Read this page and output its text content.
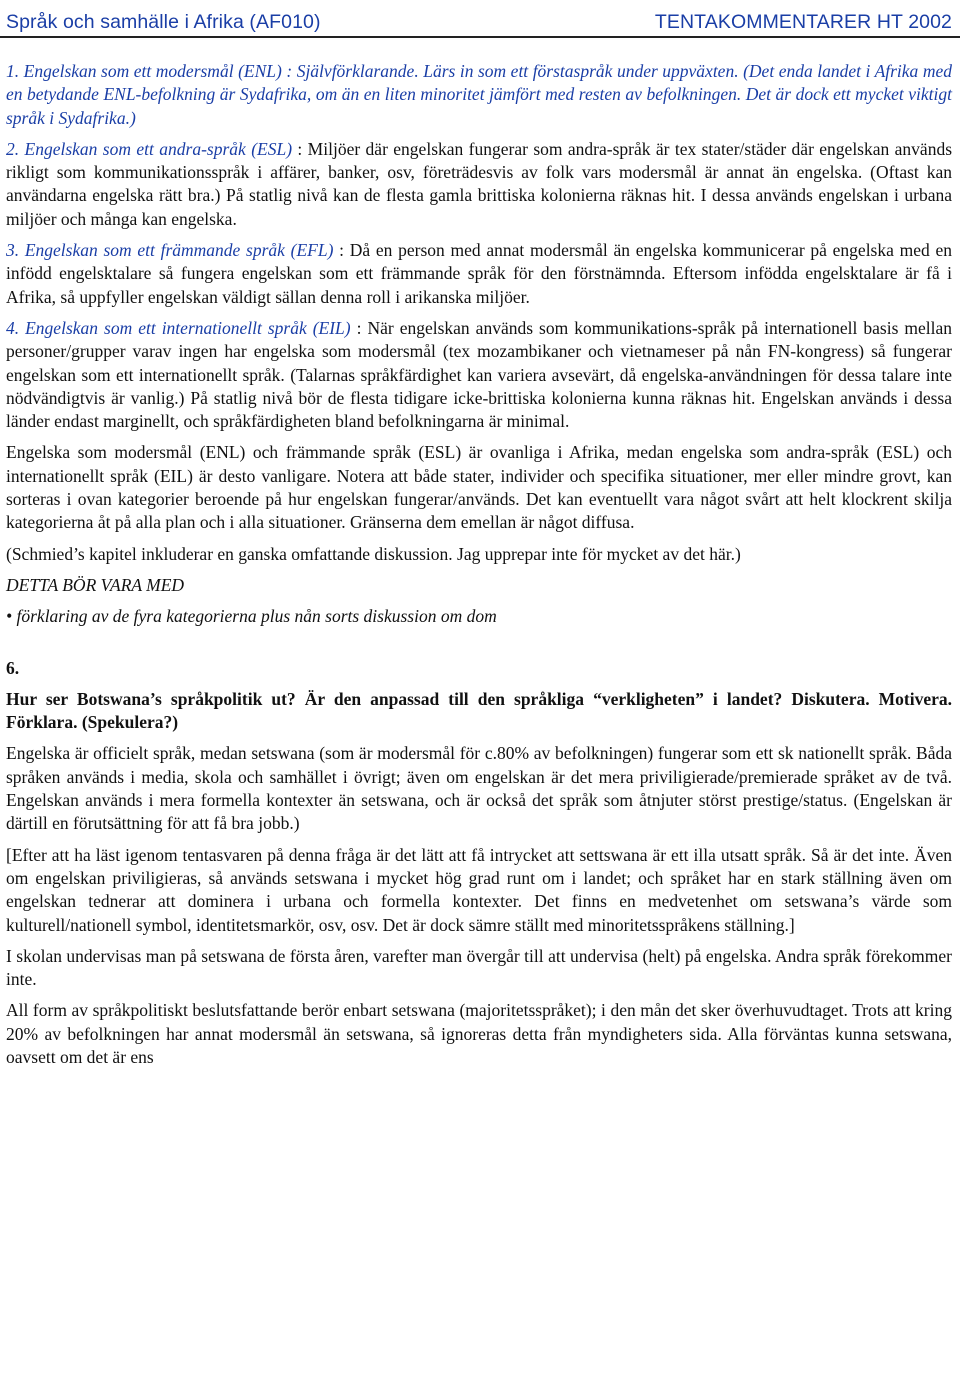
Språk och samhälle i Afrika (AF010)	TENTAKOMMENTARER HT 2002

1. Engelskan som ett modersmål (ENL) : Självförklarande. Lärs in som ett förstaspråk under uppväxten. (Det enda landet i Afrika med en betydande ENL-befolkning är Sydafrika, om än en liten minoritet jämfört med resten av befolkningen. Det är dock ett mycket viktigt språk i Sydafrika.)

2. Engelskan som ett andra-språk (ESL) : Miljöer där engelskan fungerar som andra-språk är tex stater/städer där engelskan används rikligt som kommunikationsspråk i affärer, banker, osv, företrädesvis av folk vars modersmål är annat än engelska. (Oftast kan användarna engelska rätt bra.) På statlig nivå kan de flesta gamla brittiska kolonierna räknas hit. I dessa används engelskan i urbana miljöer och många kan engelska.

3. Engelskan som ett främmande språk (EFL) : Då en person med annat modersmål än engelska kommunicerar på engelska med en infödd engelsktalare så fungera engelskan som ett främmande språk för den förstnämnda. Eftersom infödda engelsktalare är få i Afrika, så uppfyller engelskan väldigt sällan denna roll i arikanska miljöer.

4. Engelskan som ett internationellt språk (EIL) : När engelskan används som kommunikations-språk på internationell basis mellan personer/grupper varav ingen har engelska som modersmål (tex mozambikaner och vietnameser på nån FN-kongress) så fungerar engelskan som ett internationellt språk. (Talarnas språkfärdighet kan variera avsevärt, då engelska-användningen för dessa talare inte nödvändigtvis är vanlig.) På statlig nivå bör de flesta tidigare icke-brittiska kolonierna kunna räknas hit. Engelskan används i dessa länder endast marginellt, och språkfärdigheten bland befolkningarna är minimal.

Engelska som modersmål (ENL) och främmande språk (ESL) är ovanliga i Afrika, medan engelska som andra-språk (ESL) och internationellt språk (EIL) är desto vanligare. Notera att både stater, individer och specifika situationer, mer eller mindre grovt, kan sorteras i ovan kategorier beroende på hur engelskan fungerar/används. Det kan eventuellt vara något svårt att helt klockrent skilja kategorierna åt på alla plan och i alla situationer. Gränserna dem emellan är något diffusa.

(Schmied’s kapitel inkluderar en ganska omfattande diskussion. Jag upprepar inte för mycket av det här.)

DETTA BÖR VARA MED

• förklaring av de fyra kategorierna plus nån sorts diskussion om dom

6.

Hur ser Botswana’s språkpolitik ut? Är den anpassad till den språkliga “verkligheten” i landet? Diskutera. Motivera. Förklara. (Spekulera?)

Engelska är officielt språk, medan setswana (som är modersmål för c.80% av befolkningen) fungerar som ett sk nationellt språk. Båda språken används i media, skola och samhället i övrigt; även om engelskan är det mera priviligierade/premierade språket av de två. Engelskan används i mera formella kontexter än setswana, och är också det språk som åtnjuter störst prestige/status. (Engelskan är därtill en förutsättning för att få bra jobb.)

[Efter att ha läst igenom tentasvaren på denna fråga är det lätt att få intrycket att settswana är ett illa utsatt språk. Så är det inte. Även om engelskan priviligieras, så används setswana i mycket hög grad runt om i landet; och språket har en stark ställning även om engelskan tednerar att dominera i urbana och formella kontexter. Det finns en medvetenhet om setswana’s värde som kulturell/nationell symbol, identitetsmarkör, osv, osv. Det är dock sämre ställt med minoritetsspråkens ställning.]

I skolan undervisas man på setswana de första åren, varefter man övergår till att undervisa (helt) på engelska. Andra språk förekommer inte.

All form av språkpolitiskt beslutsfattande berör enbart setswana (majoritetsspråket); i den mån det sker överhuvudtaget. Trots att kring 20% av befolkningen har annat modersmål än setswana, så ignoreras detta från myndigheters sida. Alla förväntas kunna setswana, oavsett om det är ens
